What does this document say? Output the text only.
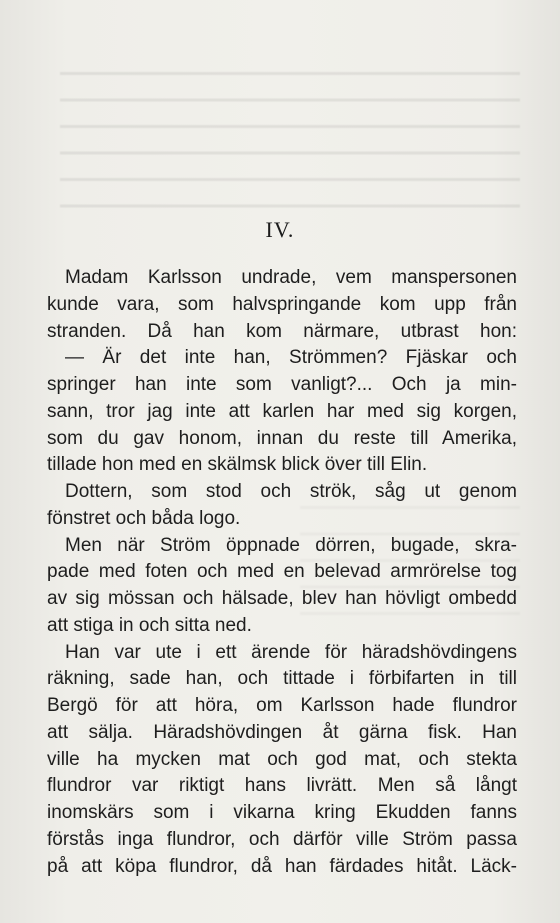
IV.
Madam Karlsson undrade, vem manspersonen
kunde vara, som halvspringande kom upp från
stranden. Då han kom närmare, utbrast hon:
— Är det inte han, Strömmen? Fjäskar och
springer han inte som vanligt?... Och ja min-
sann, tror jag inte att karlen har med sig korgen,
som du gav honom, innan du reste till Amerika,
tillade hon med en skälmsk blick över till Elin.
Dottern, som stod och strök, såg ut genom
fönstret och båda logo.
Men när Ström öppnade dörren, bugade, skra-
pade med foten och med en belevad armrörelse tog
av sig mössan och hälsade, blev han hövligt ombedd
att stiga in och sitta ned.
Han var ute i ett ärende för häradshövdingens
räkning, sade han, och tittade i förbifarten in till
Bergö för att höra, om Karlsson hade flundror
att sälja. Häradshövdingen åt gärna fisk. Han
ville ha mycken mat och god mat, och stekta
flundror var riktigt hans livrätt. Men så långt
inomskärs som i vikarna kring Ekudden fanns
förstås inga flundror, och därför ville Ström passa
på att köpa flundror, då han färdades hitåt. Läck-
